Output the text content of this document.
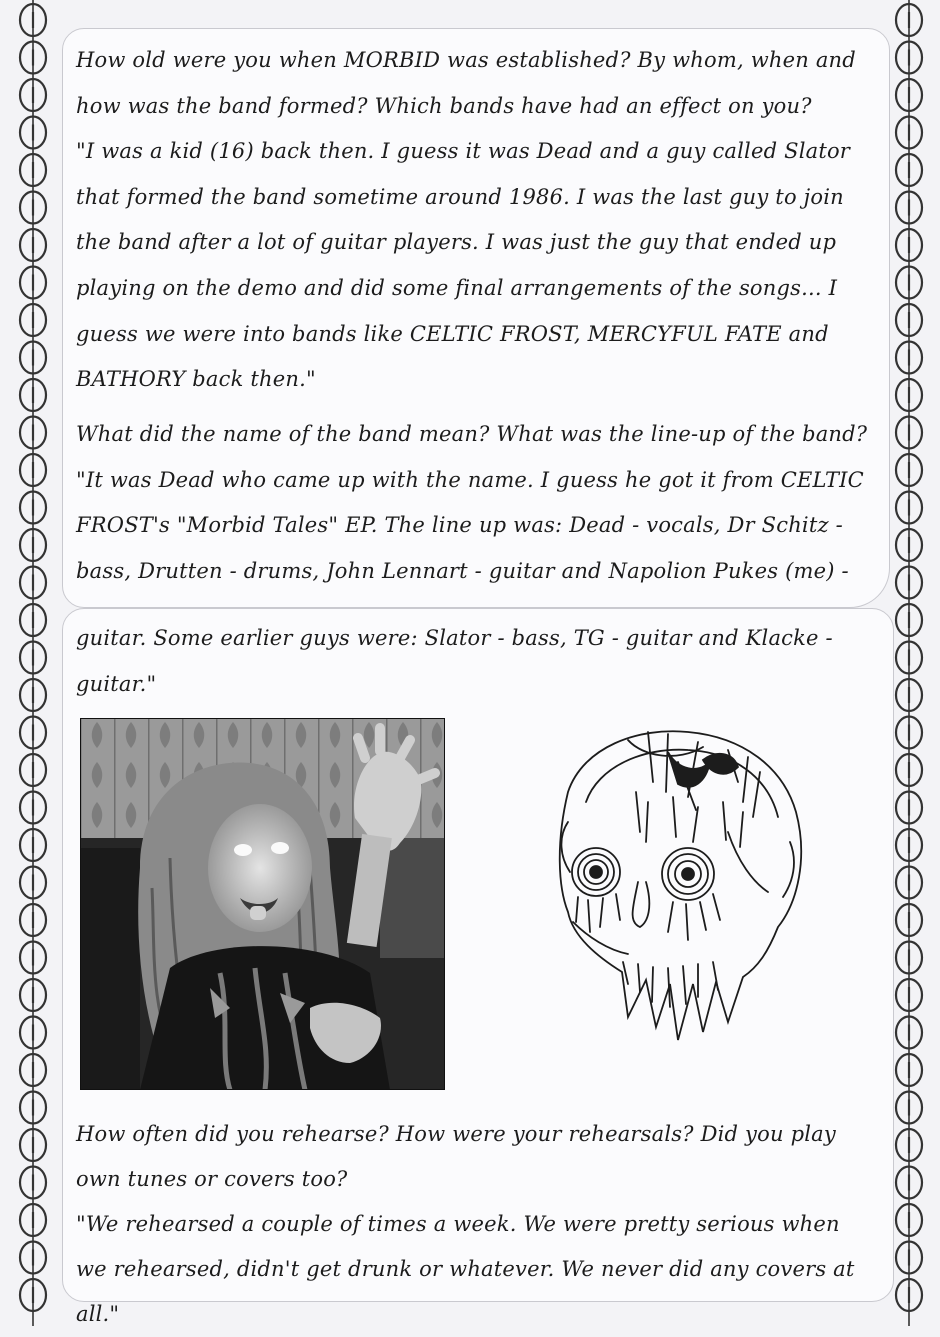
How old were you when MORBID was established? By whom, when and how was the band formed? Which bands have had an effect on you?

"I was a kid (16) back then. I guess it was Dead and a guy called Slator that formed the band sometime around 1986. I was the last guy to join the band after a lot of guitar players. I was just the guy that ended up playing on the demo and did some final arrangements of the songs... I guess we were into bands like CELTIC FROST, MERCYFUL FATE and BATHORY back then."

What did the name of the band mean? What was the line-up of the band?

"It was Dead who came up with the name. I guess he got it from CELTIC FROST's "Morbid Tales" EP. The line up was: Dead - vocals, Dr Schitz - bass, Drutten - drums, John Lennart - guitar and Napolion Pukes (me) -

guitar. Some earlier guys were: Slator - bass, TG - guitar and Klacke - guitar."

How often did you rehearse? How were your rehearsals? Did you play own tunes or covers too?

"We rehearsed a couple of times a week. We were pretty serious when we rehearsed, didn't get drunk or whatever. We never did any covers at all."
